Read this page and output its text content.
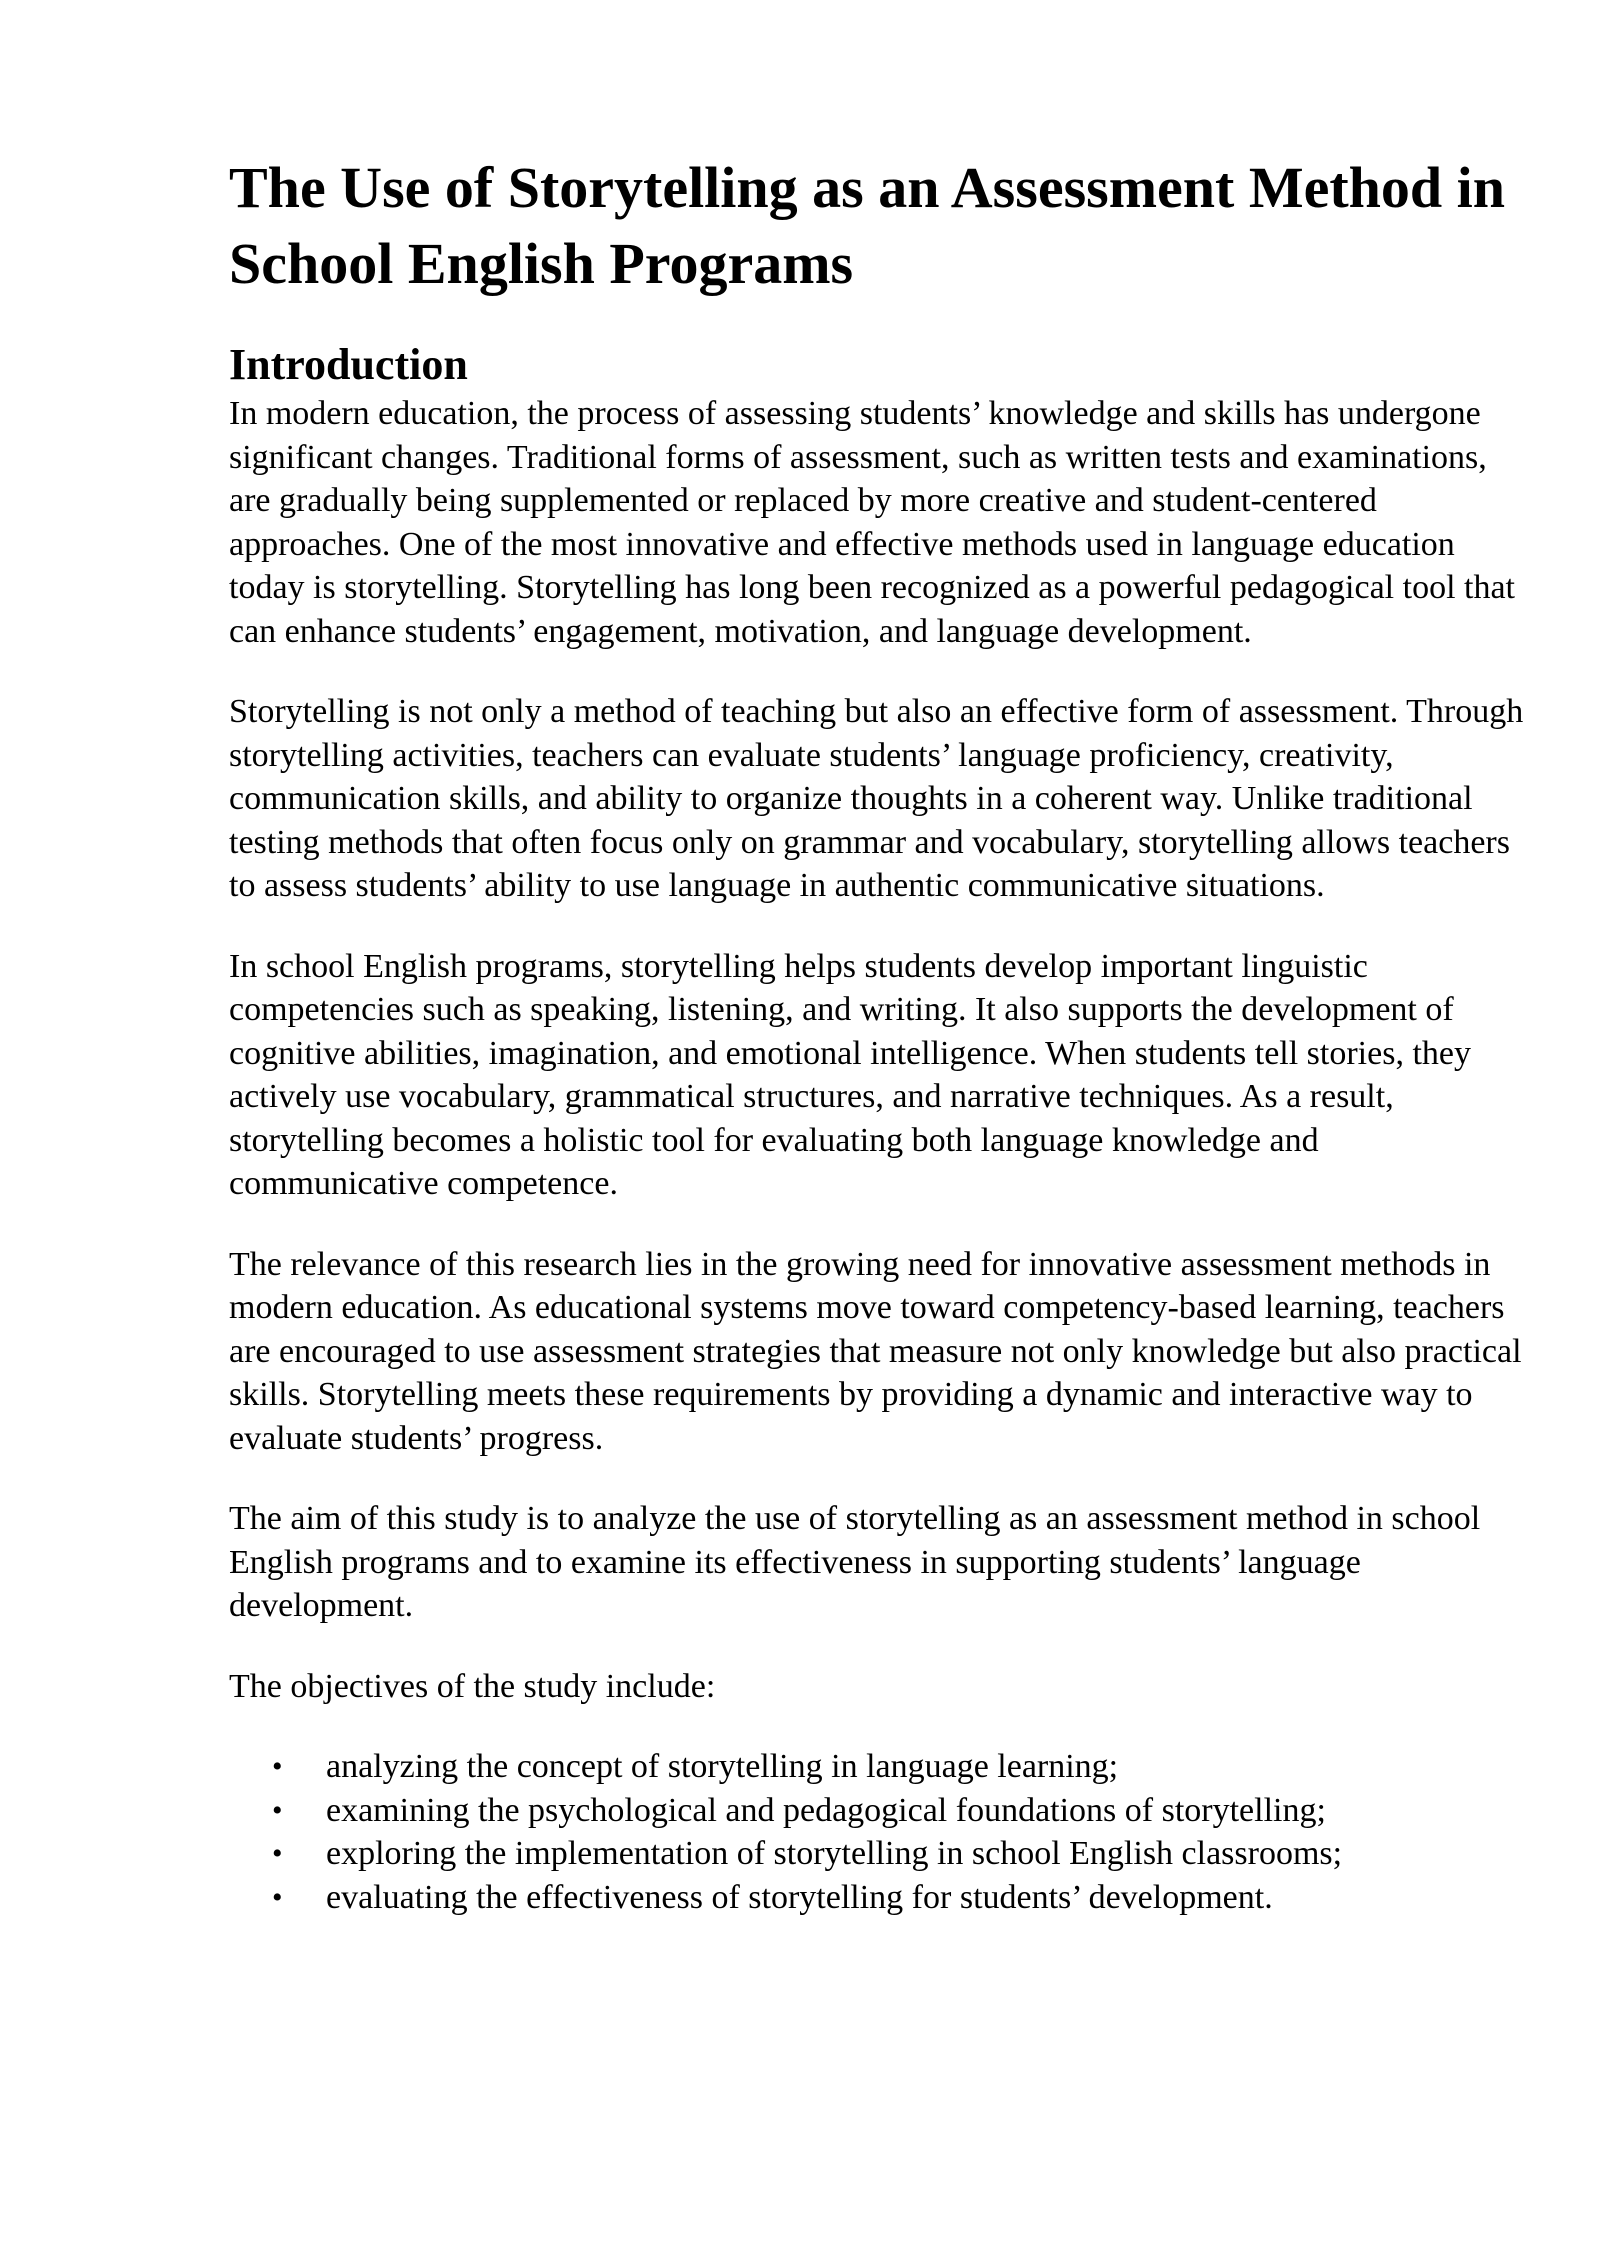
The Use of Storytelling as an Assessment Method in School English Programs
Introduction

In modern education, the process of assessing students’ knowledge and skills has undergone significant changes. Traditional forms of assessment, such as written tests and examinations, are gradually being supplemented or replaced by more creative and student-centered approaches. One of the most innovative and effective methods used in language education today is storytelling. Storytelling has long been recognized as a powerful pedagogical tool that can enhance students’ engagement, motivation, and language development.

Storytelling is not only a method of teaching but also an effective form of assessment. Through storytelling activities, teachers can evaluate students’ language proficiency, creativity, communication skills, and ability to organize thoughts in a coherent way. Unlike traditional testing methods that often focus only on grammar and vocabulary, storytelling allows teachers to assess students’ ability to use language in authentic communicative situations.

In school English programs, storytelling helps students develop important linguistic competencies such as speaking, listening, and writing. It also supports the development of cognitive abilities, imagination, and emotional intelligence. When students tell stories, they actively use vocabulary, grammatical structures, and narrative techniques. As a result, storytelling becomes a holistic tool for evaluating both language knowledge and communicative competence.

The relevance of this research lies in the growing need for innovative assessment methods in modern education. As educational systems move toward competency-based learning, teachers are encouraged to use assessment strategies that measure not only knowledge but also practical skills. Storytelling meets these requirements by providing a dynamic and interactive way to evaluate students’ progress.

The aim of this study is to analyze the use of storytelling as an assessment method in school English programs and to examine its effectiveness in supporting students’ language development.

The objectives of the study include:

• analyzing the concept of storytelling in language learning;
• examining the psychological and pedagogical foundations of storytelling;
• exploring the implementation of storytelling in school English classrooms;
• evaluating the effectiveness of storytelling for students’ development.
